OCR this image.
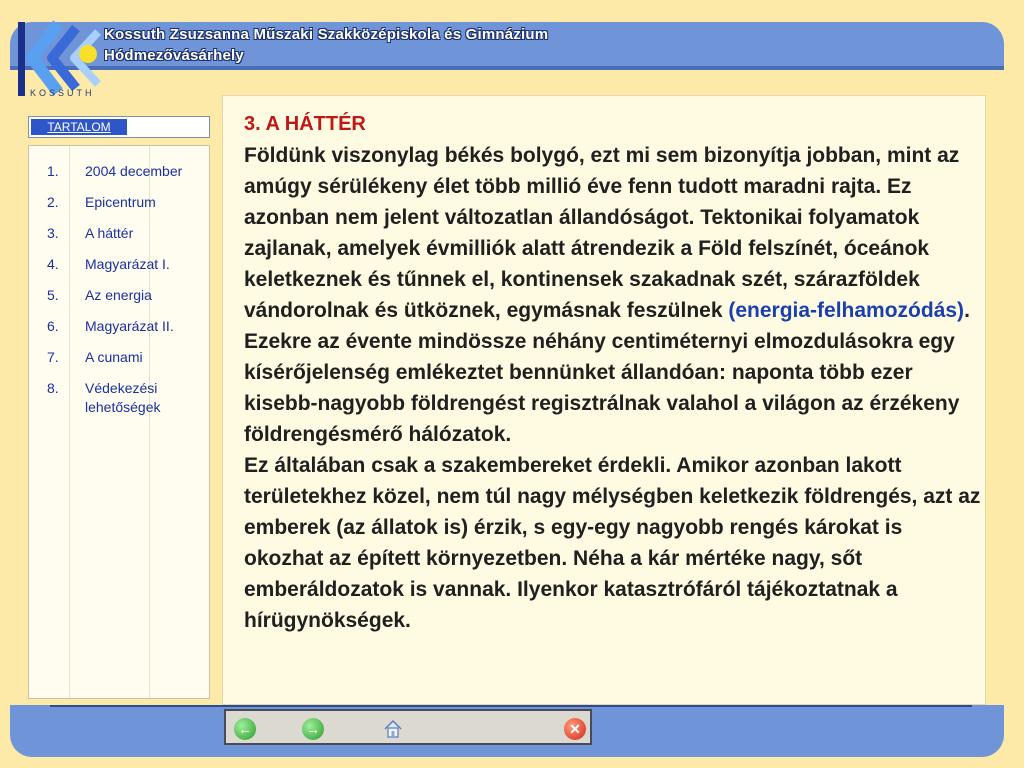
KOSSUTH
Kossuth Zsuzsanna Műszaki Szakközépiskola és Gimnázium
Hódmezővásárhely
TARTALOM
1.	2004 december
2.	Epicentrum
3.	A háttér
4.	Magyarázat I.
5.	Az energia
6.	Magyarázat II.
7.	A cunami
8.	Védekezési lehetőségek
3. A HÁTTÉR

Földünk viszonylag békés bolygó, ezt mi sem bizonyítja jobban, mint az amúgy sérülékeny élet több millió éve fenn tudott maradni rajta. Ez azonban nem jelent változatlan állandóságot. Tektonikai folyamatok zajlanak, amelyek évmilliók alatt átrendezik a Föld felszínét, óceánok keletkeznek és tűnnek el, kontinensek szakadnak szét, szárazföldek vándorolnak és ütköznek, egymásnak feszülnek (energia-felhamozódás). Ezekre az évente mindössze néhány centiméternyi elmozdulásokra egy kísérőjelenség emlékeztet bennünket állandóan: naponta több ezer kisebb-nagyobb földrengést regisztrálnak valahol a világon az érzékeny földrengésmérő hálózatok.

Ez általában csak a szakembereket érdekli. Amikor azonban lakott területekhez közel, nem túl nagy mélységben keletkezik földrengés, azt az emberek (az állatok is) érzik, s egy-egy nagyobb rengés károkat is okozhat az épített környezetben. Néha a kár mértéke nagy, sőt emberáldozatok is vannak. Ilyenkor katasztrófáról tájékoztatnak a hírügynökségek.

←	→	✕
